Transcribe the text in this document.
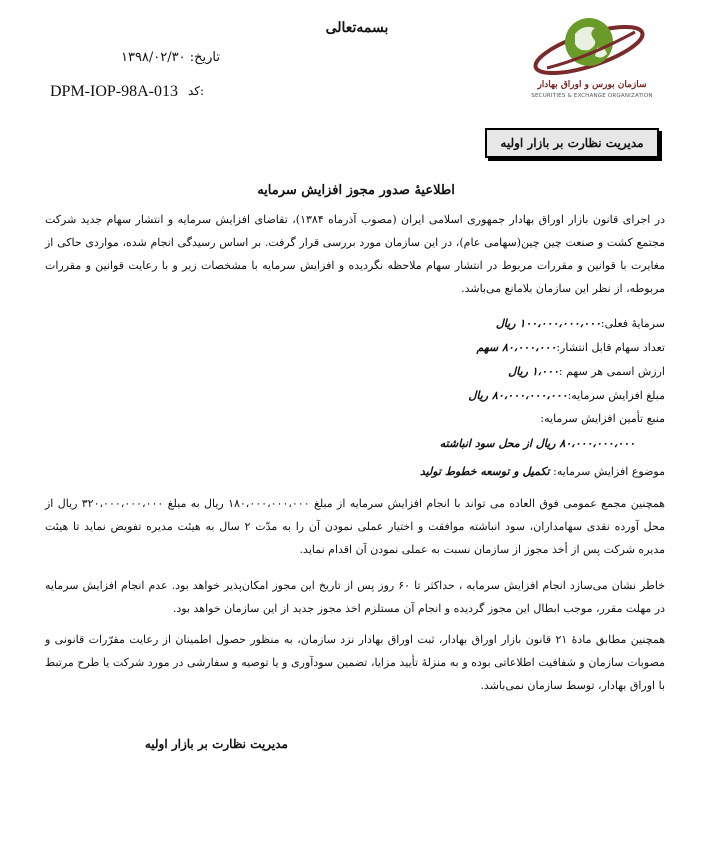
بسمه‌تعالی
سازمان بورس و اوراق بهادار
SECURITIES & EXCHANGE ORGANIZATION
تاریخ: ۱۳۹۸/۰۲/۳۰
DPM-IOP-98A-013 کد:
مدیریت نظارت بر بازار اولیه
اطلاعیهٔ صدور مجوز افزایش سرمایه
در اجرای قانون بازار اوراق بهادار جمهوری اسلامی ایران (مصوب آذرماه ۱۳۸۴)، تقاضای افزایش سرمایه و انتشار سهام جدید شرکت مجتمع کشت و صنعت چین چین(سهامی عام)، در این سازمان مورد بررسی قرار گرفت. بر اساس رسیدگی انجام شده، مواردی حاکی از مغایرت با قوانین و مقررات مربوط در انتشار سهام ملاحظه نگردیده و افزایش سرمایه با مشخصات زیر و با رعایت قوانین و مقررات مربوطه، از نظر این سازمان بلامانع می‌باشد.
سرمایهٔ فعلی:۱۰۰،۰۰۰،۰۰۰،۰۰۰ ریال
تعداد سهام قابل انتشار:۸۰،۰۰۰،۰۰۰ سهم
ارزش اسمی هر سهم :۱،۰۰۰ ریال
مبلغ افزایش سرمایه:۸۰،۰۰۰،۰۰۰،۰۰۰ ریال
منبع تأمین افزایش سرمایه:
۸۰،۰۰۰،۰۰۰،۰۰۰ ریال از محل سود انباشته
موضوع افزایش سرمایه: تکمیل و توسعه خطوط تولید
همچنین مجمع عمومی فوق العاده می تواند با انجام افزایش سرمایه از مبلغ ۱۸۰،۰۰۰،۰۰۰،۰۰۰ ریال به مبلغ ۳۲۰،۰۰۰،۰۰۰،۰۰۰ ریال از محل آورده نقدی سهامداران، سود انباشته موافقت و اختیار عملی نمودن آن را به مدّت ۲ سال به هیئت مدیره تفویض نماید تا هیئت مدیره شرکت پس از أخذ مجوز از سازمان نسبت به عملی نمودن آن اقدام نماید.
خاطر نشان می‌سازد انجام افزایش سرمایه ، حداکثر تا ۶۰ روز پس از تاریخ این مجوز امکان‌پذیر خواهد بود. عدم انجام افزایش سرمایه در مهلت مقرر، موجب ابطال این مجوز گردیده و انجام آن مستلزم اخذ مجوز جدید از این سازمان خواهد بود.
همچنین مطابق مادهٔ ۲۱ قانون بازار اوراق بهادار، ثبت اوراق بهادار نزد سازمان، به منظور حصول اطمینان از رعایت مقرّرات قانونی و مصوبات سازمان و شفافیت اطلاعاتی بوده و به منزلهٔ تأیید مزایا، تضمین سودآوری و یا توصیه و سفارشی در مورد شرکت یا طرح مرتبط با اوراق بهادار، توسط سازمان نمی‌باشد.
مدیریت نظارت بر بازار اولیه
